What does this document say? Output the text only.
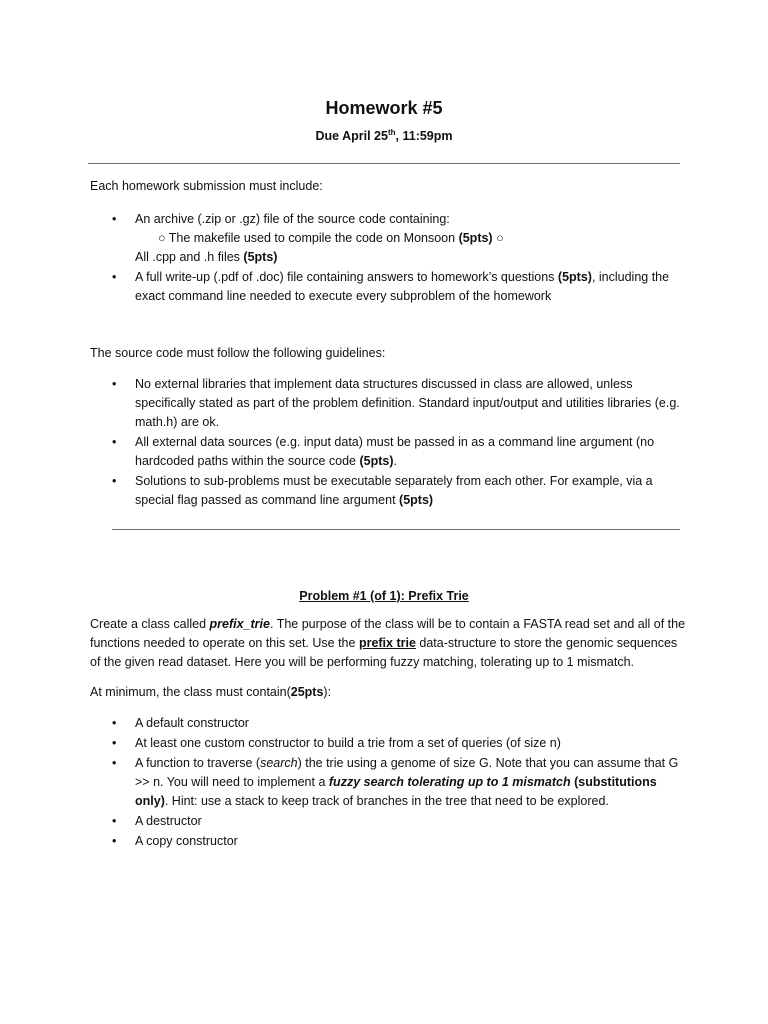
Homework #5
Due April 25th, 11:59pm
Each homework submission must include:
• An archive (.zip or .gz) file of the source code containing:
○ The makefile used to compile the code on Monsoon (5pts) ○
All .cpp and .h files (5pts)
• A full write-up (.pdf of .doc) file containing answers to homework’s questions (5pts), including the exact command line needed to execute every subproblem of the homework
The source code must follow the following guidelines:
• No external libraries that implement data structures discussed in class are allowed, unless specifically stated as part of the problem definition. Standard input/output and utilities libraries (e.g. math.h) are ok.
• All external data sources (e.g. input data) must be passed in as a command line argument (no hardcoded paths within the source code (5pts).
• Solutions to sub-problems must be executable separately from each other. For example, via a special flag passed as command line argument (5pts)
Problem #1 (of 1): Prefix Trie
Create a class called prefix_trie. The purpose of the class will be to contain a FASTA read set and all of the functions needed to operate on this set. Use the prefix trie data-structure to store the genomic sequences of the given read dataset. Here you will be performing fuzzy matching, tolerating up to 1 mismatch.
At minimum, the class must contain(25pts):
• A default constructor
• At least one custom constructor to build a trie from a set of queries (of size n)
• A function to traverse (search) the trie using a genome of size G. Note that you can assume that G >> n. You will need to implement a fuzzy search tolerating up to 1 mismatch (substitutions only). Hint: use a stack to keep track of branches in the tree that need to be explored.
• A destructor
• A copy constructor
